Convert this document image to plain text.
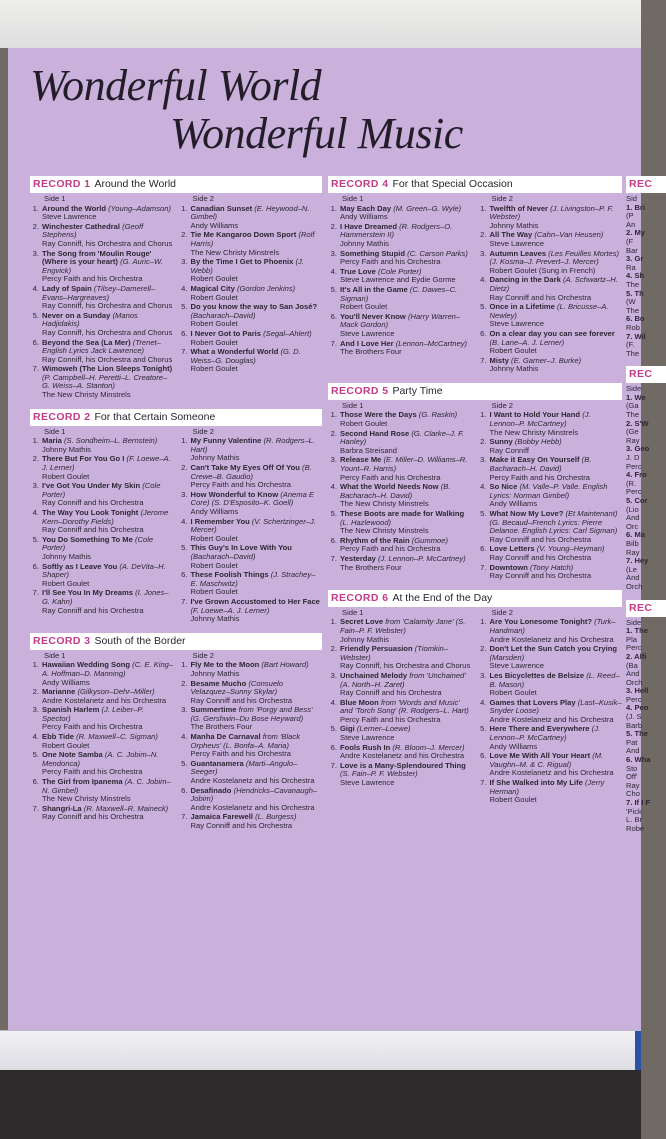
Wonderful World
Wonderful Music
RECORD 1 Around the World
Side 1
1. Around the World (Young–Adamson)
Steve Lawrence
2. Winchester Cathedral (Geoff Stephens)
Ray Conniff, his Orchestra and Chorus
3. The Song from 'Moulin Rouge' (Where is your heart) (G. Auric–W. Engvick)
Percy Faith and his Orchestra
4. Lady of Spain (Tilsey–Damerell–Evans–Hargreaves)
Ray Conniff, his Orchestra and Chorus
5. Never on a Sunday (Manos Hadjidakis)
Ray Conniff, his Orchestra and Chorus
6. Beyond the Sea (La Mer) (Trenet–English Lyrics Jack Lawrence)
Ray Conniff, his Orchestra and Chorus
7. Wimoweh (The Lion Sleeps Tonight) (P. Campbell–H. Peretti–L. Creatore–G. Weiss–A. Stanton)
The New Christy Minstrels
Side 2
1. Canadian Sunset (E. Heywood–N. Gimbel)
Andy Williams
2. Tie Me Kangaroo Down Sport (Rolf Harris)
The New Christy Minstrels
3. By the Time I Get to Phoenix (J. Webb)
Robert Goulet
4. Magical City (Gordon Jenkins)
Robert Goulet
5. Do you know the way to San José? (Bacharach–David)
Robert Goulet
6. I Never Got to Paris (Segal–Ahlert)
Robert Goulet
7. What a Wonderful World (G. D. Weiss–G. Douglas)
Robert Goulet
RECORD 2 For that Certain Someone
Side 1
1. Maria (S. Sondheim–L. Bernstein)
Johnny Mathis
2. There But For You Go I (F. Loewe–A. J. Lerner)
Robert Goulet
3. I've Got You Under My Skin (Cole Porter)
Ray Conniff and his Orchestra
4. The Way You Look Tonight (Jerome Kern–Dorothy Fields)
Ray Conniff and his Orchestra
5. You Do Something To Me (Cole Porter)
Johnny Mathis
6. Softly as I Leave You (A. DeVita–H. Shaper)
Robert Goulet
7. I'll See You In My Dreams (I. Jones–G. Kahn)
Ray Conniff and his Orchestra
Side 2
1. My Funny Valentine (R. Rodgers–L. Hart)
Johnny Mathis
2. Can't Take My Eyes Off Of You (B. Crewe–B. Gaudio)
Percy Faith and his Orchestra
3. How Wonderful to Know (Anema E Core) (S. D'Esposito–K. Goell)
Andy Williams
4. I Remember You (V. Schertzinger–J. Mercer)
Robert Goulet
5. This Guy's In Love With You (Bacharach–David)
Robert Goulet
6. These Foolish Things (J. Strachey–E. Maschwitz)
Robert Goulet
7. I've Grown Accustomed to Her Face (F. Loewe–A. J. Lerner)
Johnny Mathis
RECORD 3 South of the Border
Side 1
1. Hawaiian Wedding Song (C. E. King–A. Hoffman–D. Manning)
Andy Williams
2. Marianne (Gilkyson–Dehr–Miller)
Andre Kostelanetz and his Orchestra
3. Spanish Harlem (J. Leiber–P. Spector)
Percy Faith and his Orchestra
4. Ebb Tide (R. Maxwell–C. Sigman)
Robert Goulet
5. One Note Samba (A. C. Jobim–N. Mendonca)
Percy Faith and his Orchestra
6. The Girl from Ipanema (A. C. Jobim–N. Gimbel)
The New Christy Minstrels
7. Shangri-La (R. Maxwell–R. Maineck)
Ray Conniff and his Orchestra
Side 2
1. Fly Me to the Moon (Bart Howard)
Johnny Mathis
2. Besame Mucho (Consuelo Velazquez–Sunny Skylar)
Ray Conniff and his Orchestra
3. Summertime from 'Porgy and Bess' (G. Gershwin–Du Bose Heyward)
The Brothers Four
4. Manha De Carnaval from 'Black Orpheus' (L. Bonfa–A. Maria)
Percy Faith and his Orchestra
5. Guantanamera (Marti–Angulo–Seeger)
Andre Kostelanetz and his Orchestra
6. Desafinado (Hendricks–Cavanaugh–Jobim)
Andre Kostelanetz and his Orchestra
7. Jamaica Farewell (L. Burgess)
Ray Conniff and his Orchestra
RECORD 4 For that Special Occasion
Side 1
1. May Each Day (M. Green–G. Wyle)
Andy Williams
2. I Have Dreamed (R. Rodgers–O. Hammerstein II)
Johnny Mathis
3. Something Stupid (C. Carson Parks)
Percy Faith and his Orchestra
4. True Love (Cole Porter)
Steve Lawrence and Eydie Gorme
5. It's All in the Game (C. Dawes–C. Sigman)
Robert Goulet
6. You'll Never Know (Harry Warren–Mack Gordon)
Steve Lawrence
7. And I Love Her (Lennon–McCartney)
The Brothers Four
Side 2
1. Twelfth of Never (J. Livingston–P. F. Webster)
Johnny Mathis
2. All The Way (Cahn–Van Heusen)
Steve Lawrence
3. Autumn Leaves (Les Feuilles Mortes) (J. Kosma–J. Prevert–J. Mercer)
Robert Goulet (Sung in French)
4. Dancing in the Dark (A. Schwartz–H. Dietz)
Ray Conniff and his Orchestra
5. Once in a Lifetime (L. Bricusse–A. Newley)
Steve Lawrence
6. On a clear day you can see forever (B. Lane–A. J. Lerner)
Robert Goulet
7. Misty (E. Garner–J. Burke)
Johnny Mathis
RECORD 5 Party Time
Side 1
1. Those Were the Days (G. Raskin)
Robert Goulet
2. Second Hand Rose (G. Clarke–J. F. Hanley)
Barbra Streisand
3. Release Me (E. Miller–D. Williams–R. Yount–R. Harris)
Percy Faith and his Orchestra
4. What the World Needs Now (B. Bacharach–H. David)
The New Christy Minstrels
5. These Boots are made for Walking (L. Hazlewood)
The New Christy Minstrels
6. Rhythm of the Rain (Gummoe)
Percy Faith and his Orchestra
7. Yesterday (J. Lennon–P. McCartney)
The Brothers Four
Side 2
1. I Want to Hold Your Hand (J. Lennon–P. McCartney)
The New Christy Minstrels
2. Sunny (Bobby Hebb)
Ray Conniff
3. Make it Easy On Yourself (B. Bacharach–H. David)
Percy Faith and his Orchestra
4. So Nice (M. Valle–P. Valle. English Lyrics: Norman Gimbel)
Andy Williams
5. What Now My Love? (Et Maintenant) (G. Becaud–French Lyrics: Pierre Delanoe. English Lyrics: Carl Sigman)
Ray Conniff and his Orchestra
6. Love Letters (V. Young–Heyman)
Ray Conniff and his Orchestra
7. Downtown (Tony Hatch)
Ray Conniff and his Orchestra
RECORD 6 At the End of the Day
Side 1
1. Secret Love from 'Calamity Jane' (S. Fain–P. F. Webster)
Johnny Mathis
2. Friendly Persuasion (Tiomkin–Webster)
Ray Conniff, his Orchestra and Chorus
3. Unchained Melody from 'Unchained' (A. North–H. Zaret)
Ray Conniff and his Orchestra
4. Blue Moon from 'Words and Music' and 'Torch Song' (R. Rodgers–L. Hart)
Percy Faith and his Orchestra
5. Gigi (Lerner–Loewe)
Steve Lawrence
6. Fools Rush In (R. Bloom–J. Mercer)
Andre Kostelanetz and his Orchestra
7. Love is a Many-Splendoured Thing (S. Fain–P. F. Webster)
Steve Lawrence
Side 2
1. Are You Lonesome Tonight? (Turk–Handman)
Andre Kostelanetz and his Orchestra
2. Don't Let the Sun Catch you Crying (Marsden)
Steve Lawrence
3. Les Bicyclettes de Belsize (L. Reed–B. Mason)
Robert Goulet
4. Games that Lovers Play (Last–Kusik–Snyder Loose)
Andre Kostelanetz and his Orchestra
5. Here There and Everywhere (J. Lennon–P. McCartney)
Andy Williams
6. Love Me With All Your Heart (M. Vaughn–M. & C. Rigual)
Andre Kostelanetz and his Orchestra
7. If She Walked into My Life (Jerry Herman)
Robert Goulet
REC
Sid
1. Bri
(P
An
2. My
(F
Bar
3. Gr
Ra
4. Sh
The
5. Th
(W
The
6. Bo
Rob
7. Wil
(F.
The
REC
Side
1. We
(Ga
The
2. S'W
(Ge
Ray
3. Geo
J. D
Perc
4. Fro
(R.
Perc
5. Cor
(Lio
And
Orc
6. Ma
Bilb
Ray
7. Hey
(Le
And
Orch
REC
Side
1. The
Pla
Perc
2. Alfi
(Ba
And
Orch
3. Hell
Perc
4. Peo
(J. S
Barb
5. The
Pat
And
6. Wha
Sto
Off'
Ray
Cho
7. If I F
'Pick
L. Br
Robe
